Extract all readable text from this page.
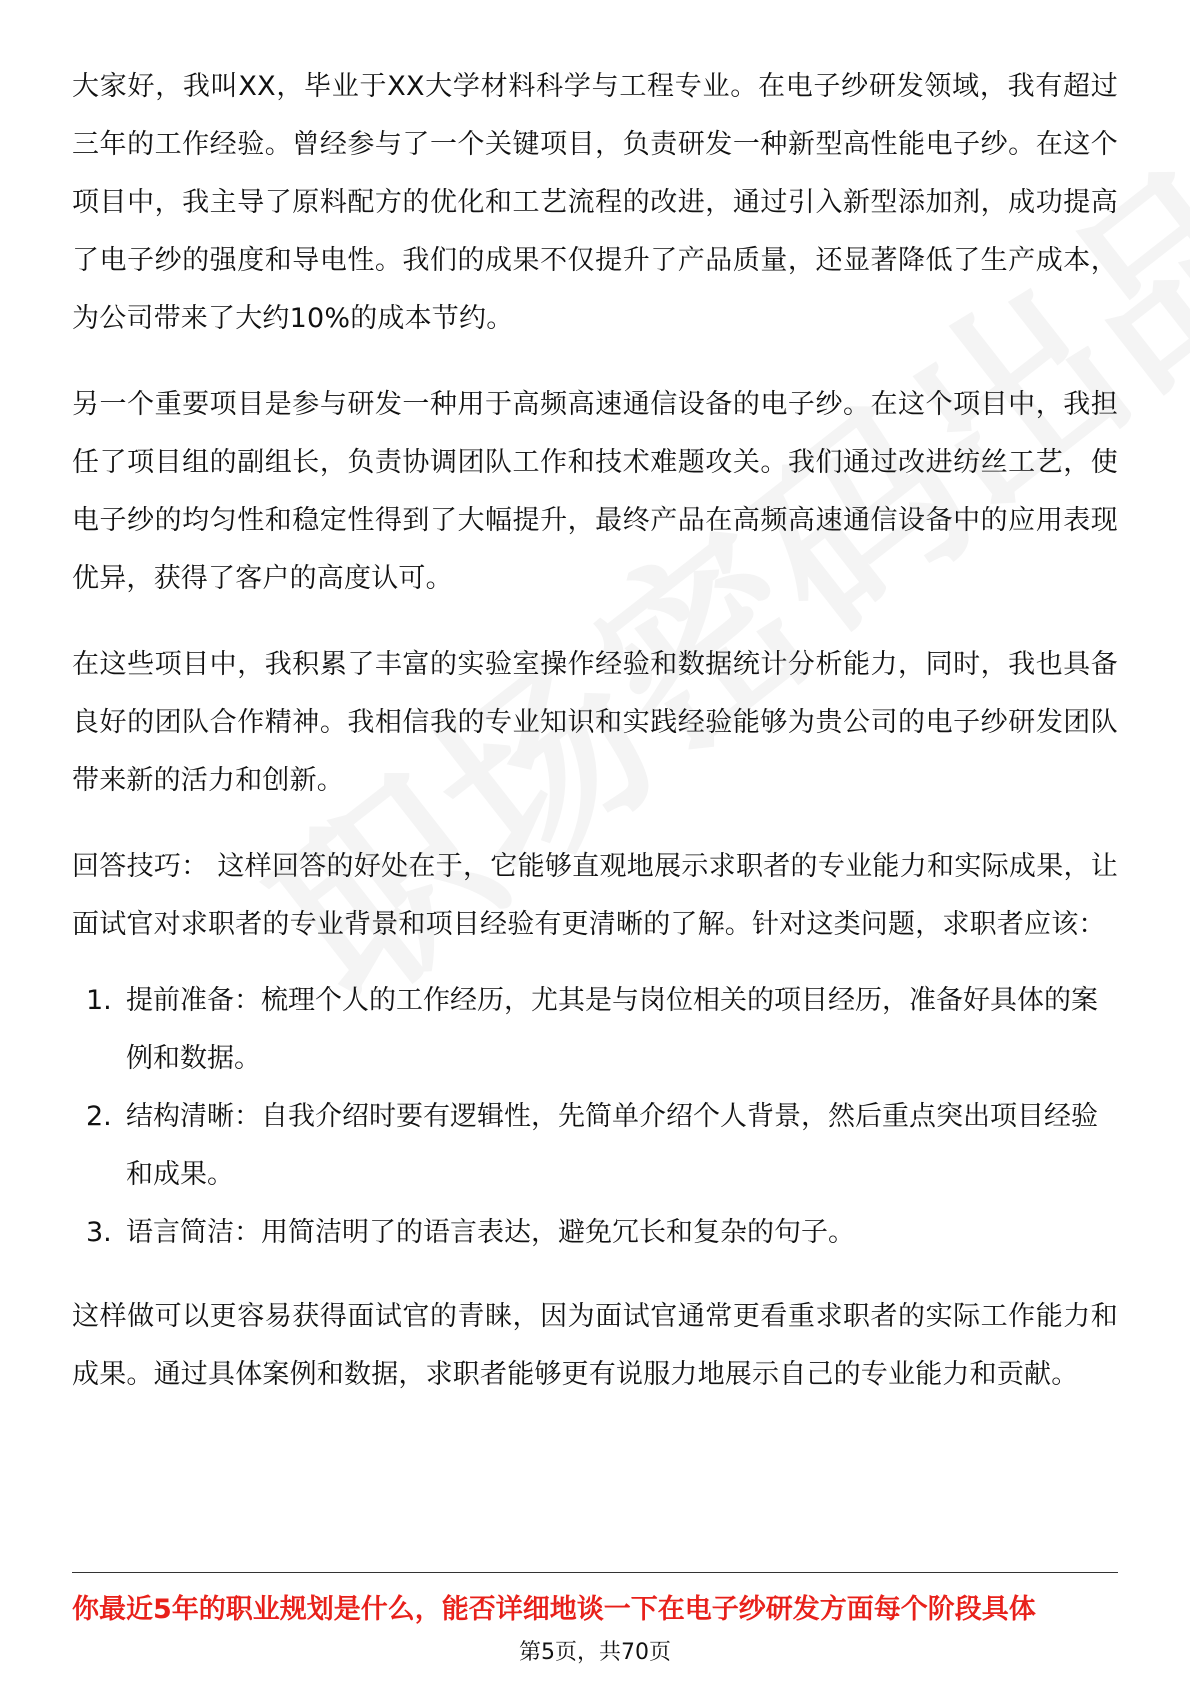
大家好，我叫XX，毕业于XX大学材料科学与工程专业。在电子纱研发领域，我有超过三年的工作经验。曾经参与了一个关键项目，负责研发一种新型高性能电子纱。在这个项目中，我主导了原料配方的优化和工艺流程的改进，通过引入新型添加剂，成功提高了电子纱的强度和导电性。我们的成果不仅提升了产品质量，还显著降低了生产成本，为公司带来了大约10%的成本节约。

另一个重要项目是参与研发一种用于高频高速通信设备的电子纱。在这个项目中，我担任了项目组的副组长，负责协调团队工作和技术难题攻关。我们通过改进纺丝工艺，使电子纱的均匀性和稳定性得到了大幅提升，最终产品在高频高速通信设备中的应用表现优异，获得了客户的高度认可。

在这些项目中，我积累了丰富的实验室操作经验和数据统计分析能力，同时，我也具备良好的团队合作精神。我相信我的专业知识和实践经验能够为贵公司的电子纱研发团队带来新的活力和创新。

回答技巧： 这样回答的好处在于，它能够直观地展示求职者的专业能力和实际成果，让面试官对求职者的专业背景和项目经验有更清晰的了解。针对这类问题，求职者应该：

1. 提前准备：梳理个人的工作经历，尤其是与岗位相关的项目经历，准备好具体的案例和数据。
2. 结构清晰：自我介绍时要有逻辑性，先简单介绍个人背景，然后重点突出项目经验和成果。
3. 语言简洁：用简洁明了的语言表达，避免冗长和复杂的句子。

这样做可以更容易获得面试官的青睐，因为面试官通常更看重求职者的实际工作能力和成果。通过具体案例和数据，求职者能够更有说服力地展示自己的专业能力和贡献。

你最近5年的职业规划是什么，能否详细地谈一下在电子纱研发方面每个阶段具体
第5页，共70页
